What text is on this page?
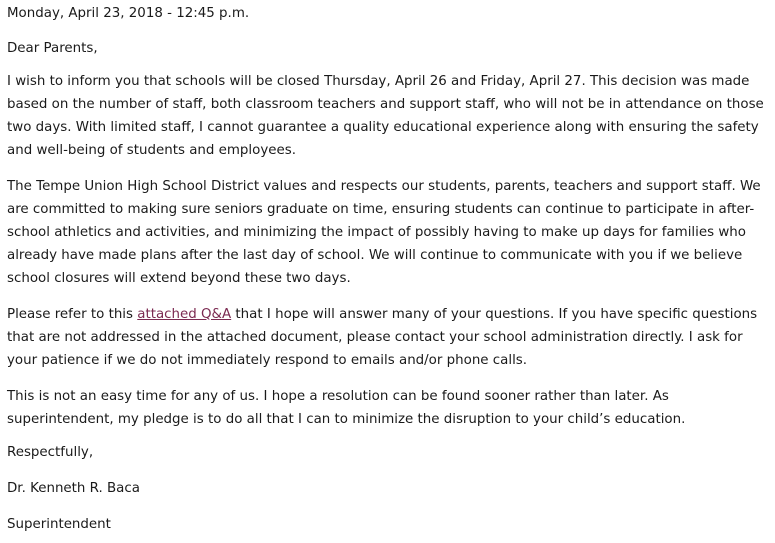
Monday, April 23, 2018 - 12:45 p.m.

Dear Parents,

I wish to inform you that schools will be closed Thursday, April 26 and Friday, April 27. This decision was made based on the number of staff, both classroom teachers and support staff, who will not be in attendance on those two days. With limited staff, I cannot guarantee a quality educational experience along with ensuring the safety and well-being of students and employees.

The Tempe Union High School District values and respects our students, parents, teachers and support staff. We are committed to making sure seniors graduate on time, ensuring students can continue to participate in after-school athletics and activities, and minimizing the impact of possibly having to make up days for families who already have made plans after the last day of school. We will continue to communicate with you if we believe school closures will extend beyond these two days.

Please refer to this attached Q&A that I hope will answer many of your questions. If you have specific questions that are not addressed in the attached document, please contact your school administration directly. I ask for your patience if we do not immediately respond to emails and/or phone calls.

This is not an easy time for any of us. I hope a resolution can be found sooner rather than later. As superintendent, my pledge is to do all that I can to minimize the disruption to your child’s education.

Respectfully,

Dr. Kenneth R. Baca

Superintendent
